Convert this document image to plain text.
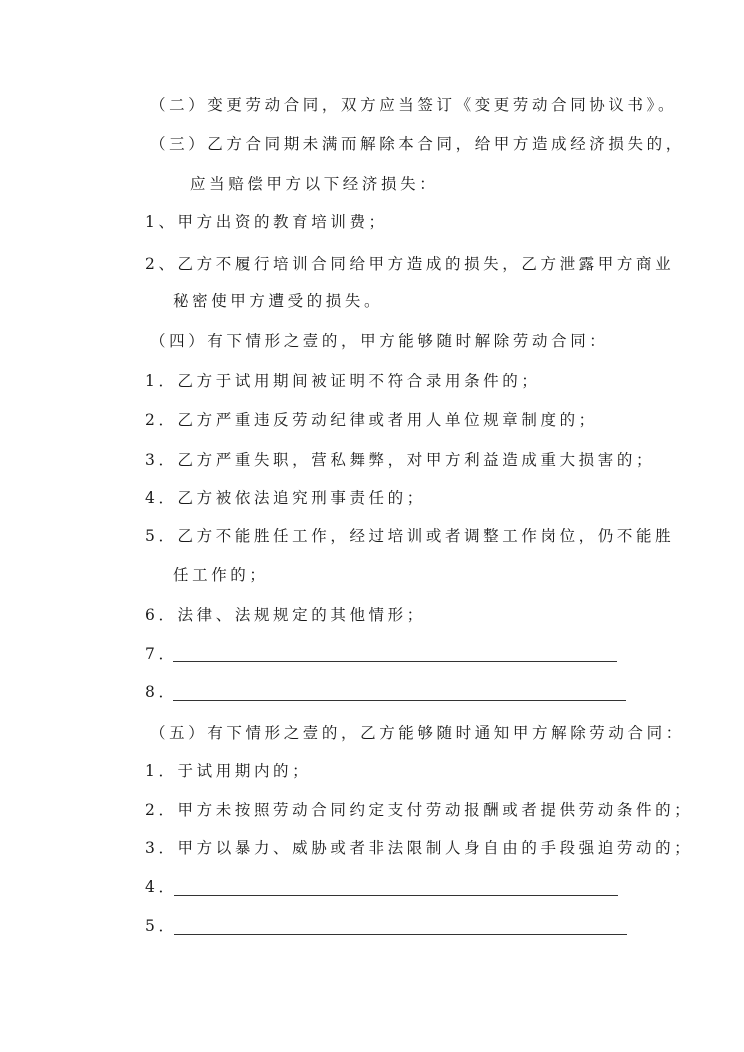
（二）变更劳动合同，双方应当签订《变更劳动合同协议书》。
（三）乙方合同期未满而解除本合同，给甲方造成经济损失的，
应当赔偿甲方以下经济损失：
1、甲方出资的教育培训费；
2、乙方不履行培训合同给甲方造成的损失，乙方泄露甲方商业
秘密使甲方遭受的损失。
（四）有下情形之壹的，甲方能够随时解除劳动合同：
1．乙方于试用期间被证明不符合录用条件的；
2．乙方严重违反劳动纪律或者用人单位规章制度的；
3．乙方严重失职，营私舞弊，对甲方利益造成重大损害的；
4．乙方被依法追究刑事责任的；
5．乙方不能胜任工作，经过培训或者调整工作岗位，仍不能胜
任工作的；
6．法律、法规规定的其他情形；
7．
8．
（五）有下情形之壹的，乙方能够随时通知甲方解除劳动合同：
1．于试用期内的；
2．甲方未按照劳动合同约定支付劳动报酬或者提供劳动条件的；
3．甲方以暴力、威胁或者非法限制人身自由的手段强迫劳动的；
4．
5．
